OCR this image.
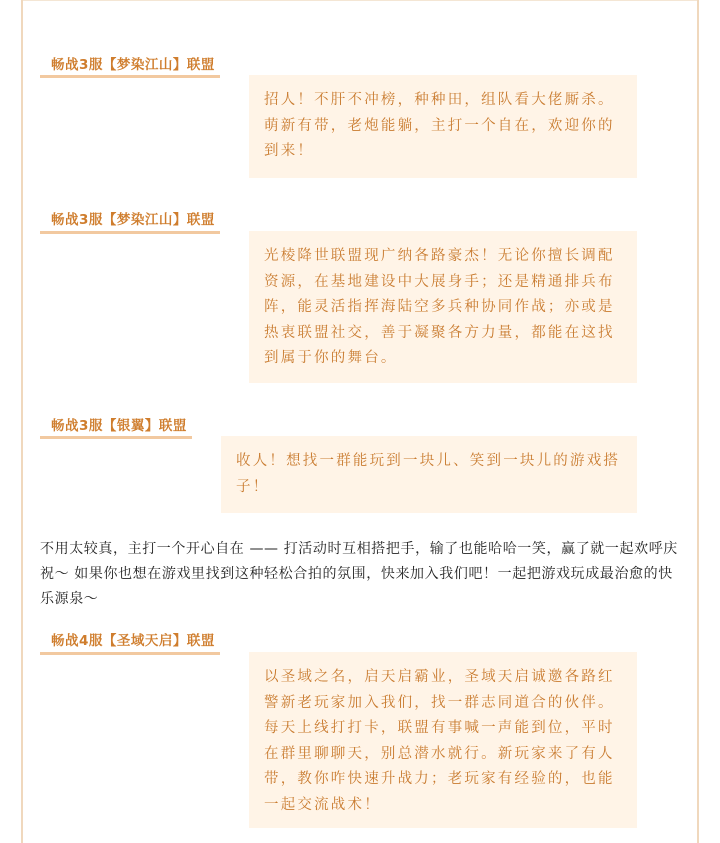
畅战3服【梦染江山】联盟
招人！不肝不冲榜，种种田，组队看大佬厮杀。萌新有带，老炮能躺，主打一个自在，欢迎你的到来！
畅战3服【梦染江山】联盟
光棱降世联盟现广纳各路豪杰！无论你擅长调配资源，在基地建设中大展身手；还是精通排兵布阵，能灵活指挥海陆空多兵种协同作战；亦或是热衷联盟社交，善于凝聚各方力量，都能在这找到属于你的舞台。
畅战3服【银翼】联盟
收人！想找一群能玩到一块儿、笑到一块儿的游戏搭子！
不用太较真，主打一个开心自在 —— 打活动时互相搭把手，输了也能哈哈一笑，赢了就一起欢呼庆祝～ 如果你也想在游戏里找到这种轻松合拍的氛围，快来加入我们吧！一起把游戏玩成最治愈的快乐源泉～
畅战4服【圣域天启】联盟
以圣域之名，启天启霸业，圣域天启诚邀各路红警新老玩家加入我们，找一群志同道合的伙伴。每天上线打打卡，联盟有事喊一声能到位，平时在群里聊聊天，别总潜水就行。新玩家来了有人带，教你咋快速升战力；老玩家有经验的，也能一起交流战术！
